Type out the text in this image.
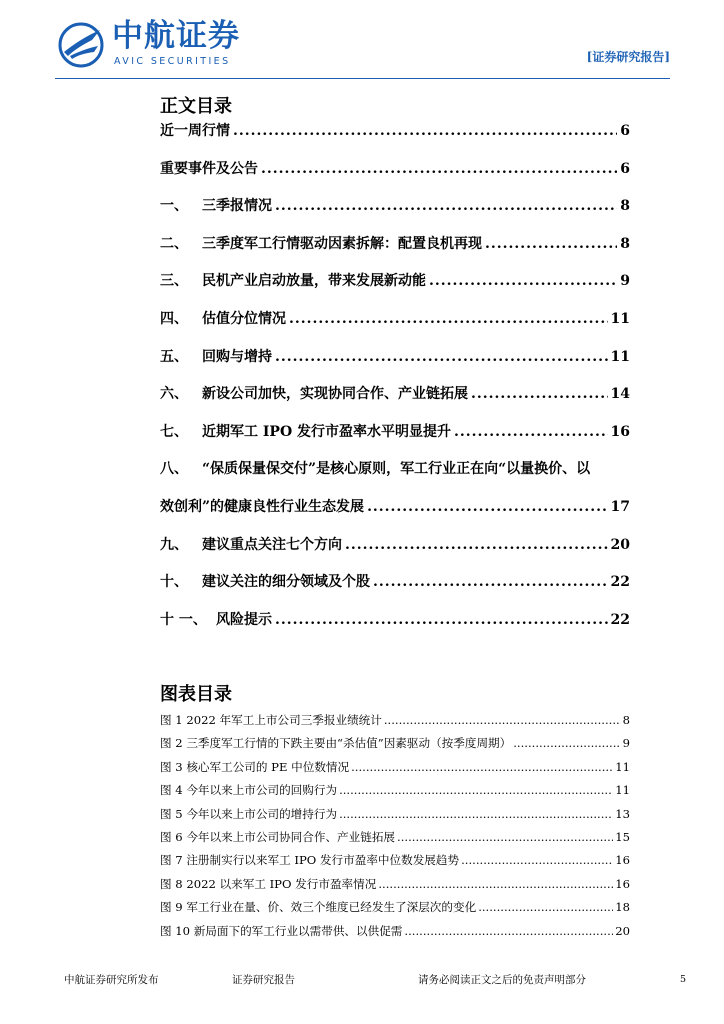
中航证券
AVIC SECURITIES	[证券研究报告]
正文目录
近一周行情 .....	6
重要事件及公告 .....	6
一、	三季报情况 .....	8
二、	三季度军工行情驱动因素拆解：配置良机再现 .....	8
三、	民机产业启动放量，带来发展新动能 .....	9
四、	估值分位情况 .....	11
五、	回购与增持 .....	11
六、	新设公司加快，实现协同合作、产业链拓展 .....	14
七、	近期军工 IPO 发行市盈率水平明显提升 .....	16
八、	“保质保量保交付”是核心原则，军工行业正在向“以量换价、以
效创利”的健康良性行业生态发展 .....	17
九、	建议重点关注七个方向 .....	20
十、	建议关注的细分领域及个股 .....	22
十 一、 风险提示 .....	22
图表目录
图 1 2022 年军工上市公司三季报业绩统计 .....	8
图 2 三季度军工行情的下跌主要由“杀估值”因素驱动（按季度周期） .....	9
图 3 核心军工公司的 PE 中位数情况 .....	11
图 4 今年以来上市公司的回购行为 .....	11
图 5 今年以来上市公司的增持行为 .....	13
图 6 今年以来上市公司协同合作、产业链拓展 .....	15
图 7 注册制实行以来军工 IPO 发行市盈率中位数发展趋势 .....	16
图 8 2022 以来军工 IPO 发行市盈率情况 .....	16
图 9 军工行业在量、价、效三个维度已经发生了深层次的变化 .....	18
图 10 新局面下的军工行业以需带供、以供促需 .....	20
中航证券研究所发布	证券研究报告	请务必阅读正文之后的免责声明部分	5
